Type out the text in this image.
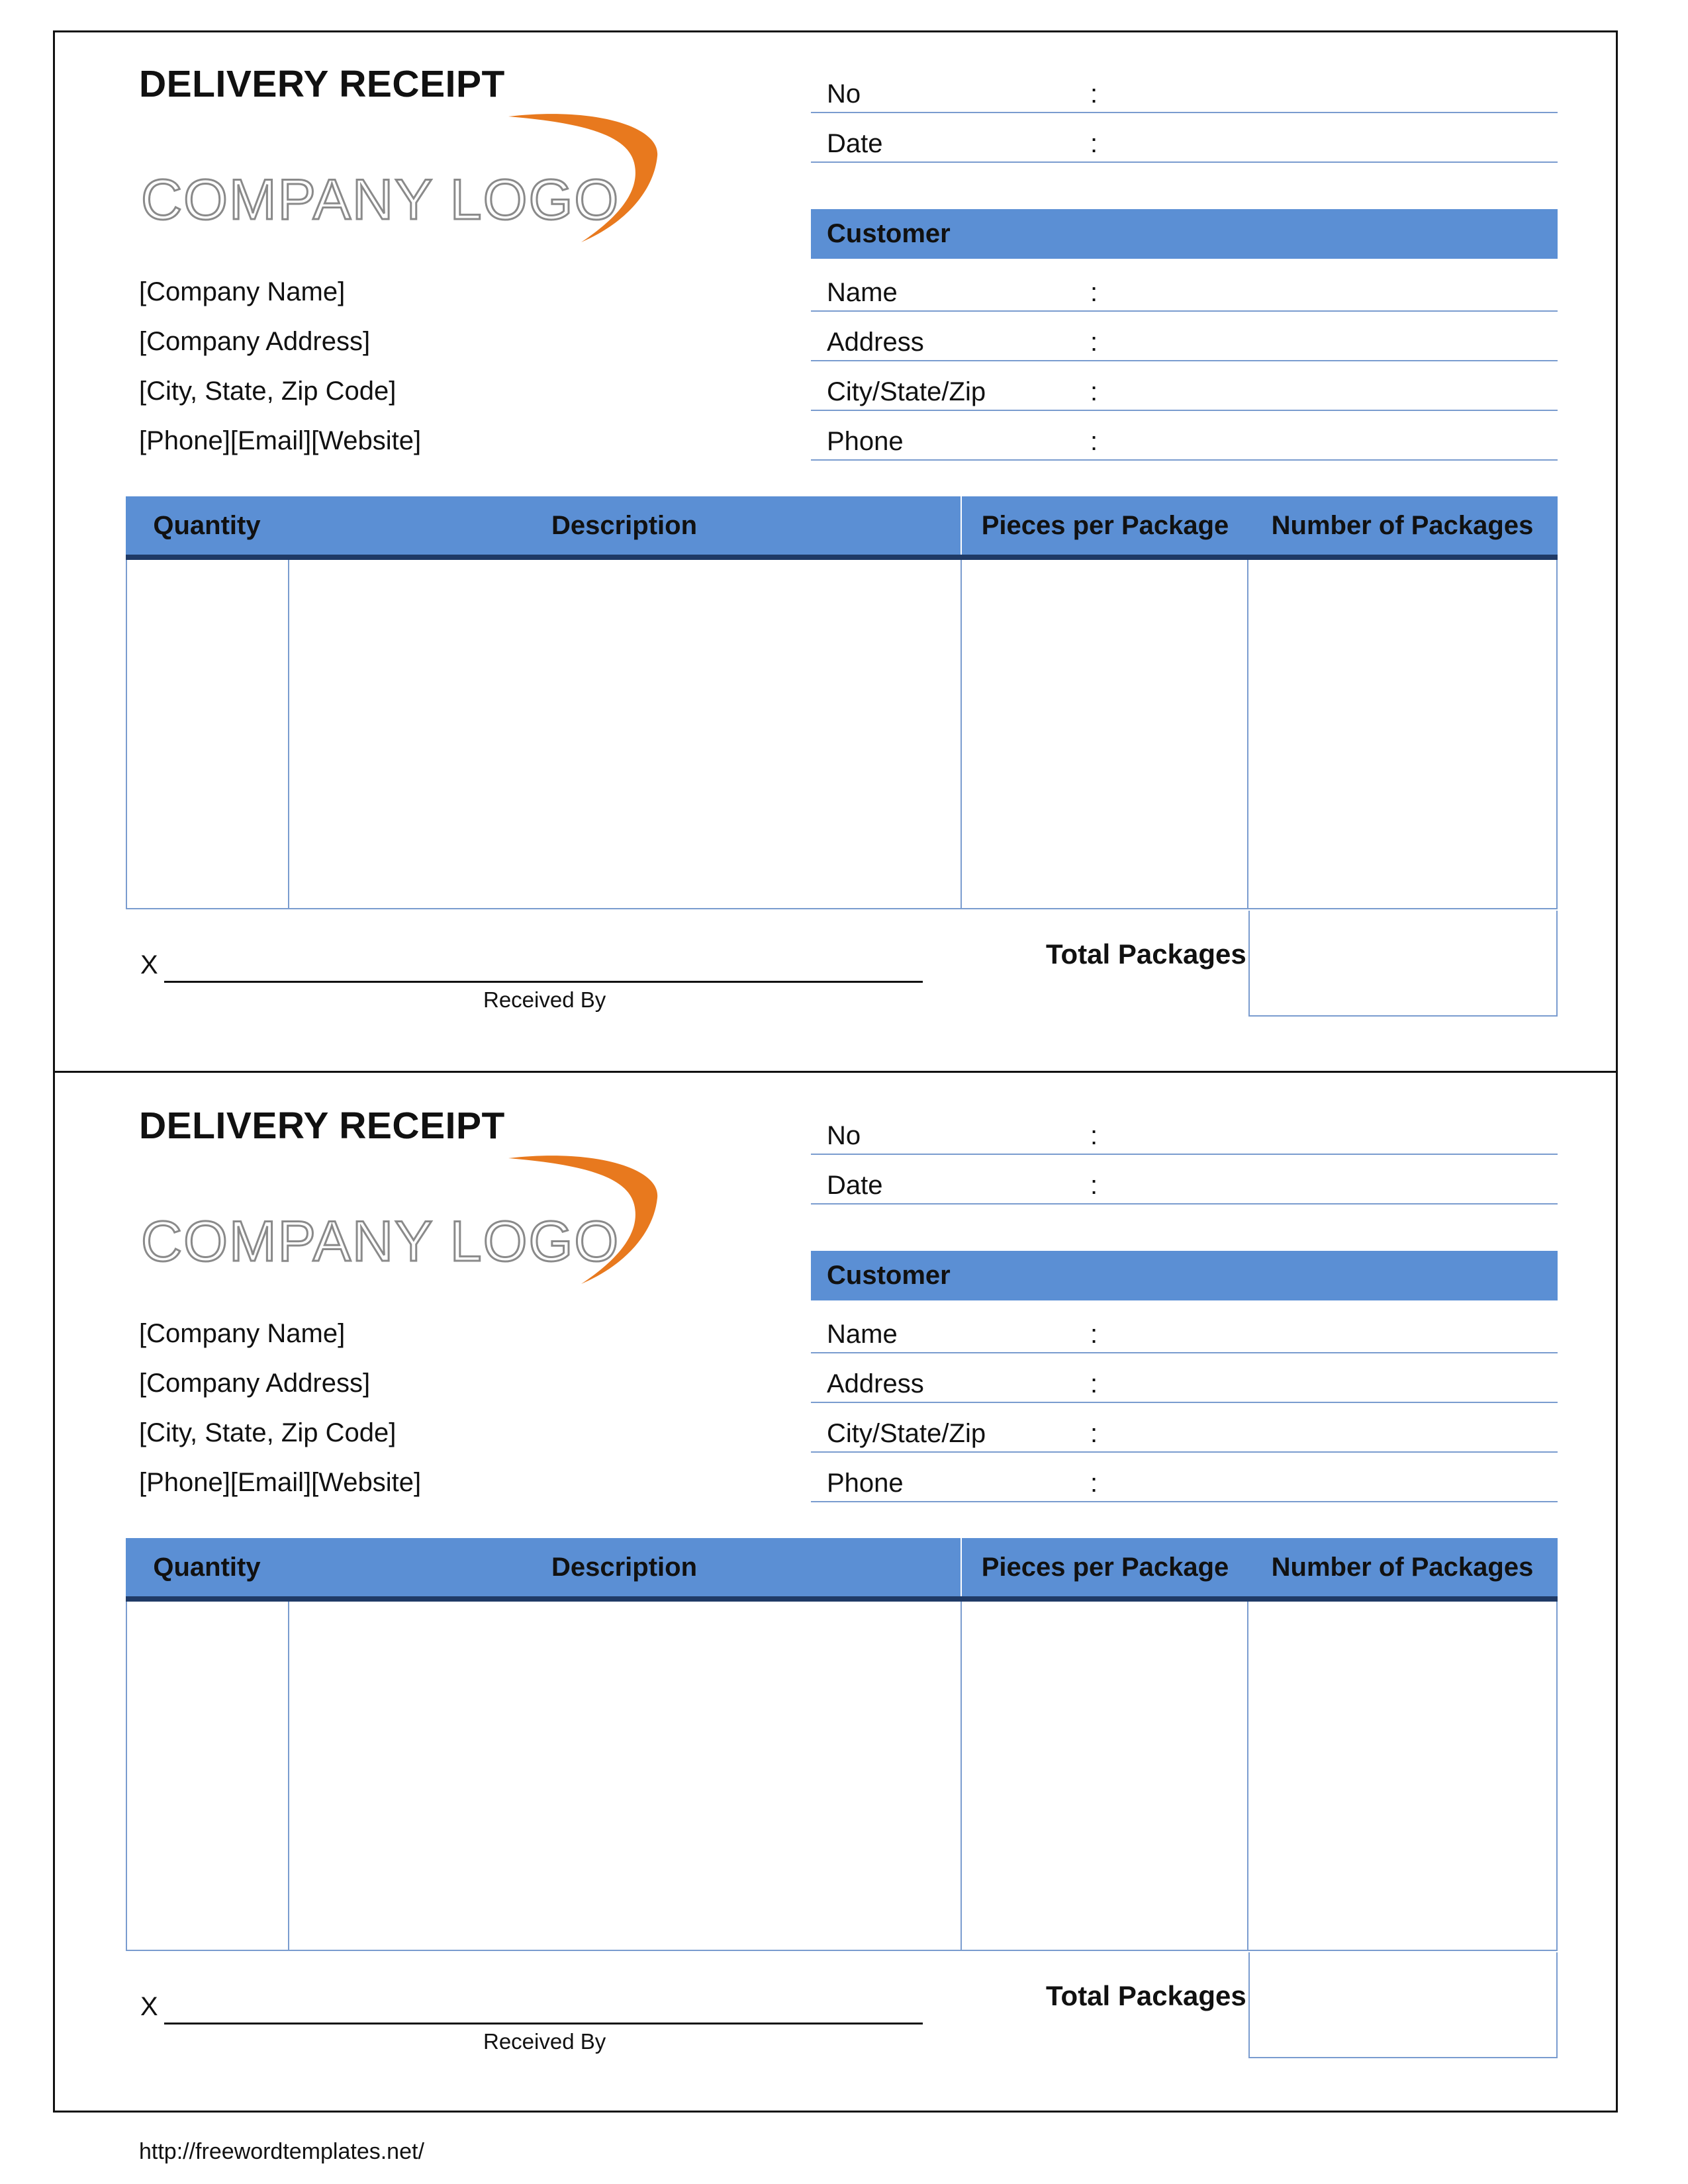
DELIVERY RECEIPT
COMPANY LOGO
[Company Name]
[Company Address]
[City, State, Zip Code]
[Phone][Email][Website]
No	:
Date	:
Customer
Name	:
Address	:
City/State/Zip	:
Phone	:
Quantity	Description	Pieces per Package	Number of Packages
Total Packages
X
Received By
DELIVERY RECEIPT
COMPANY LOGO
[Company Name]
[Company Address]
[City, State, Zip Code]
[Phone][Email][Website]
No	:
Date	:
Customer
Name	:
Address	:
City/State/Zip	:
Phone	:
Quantity	Description	Pieces per Package	Number of Packages
Total Packages
X
Received By
http://freewordtemplates.net/
